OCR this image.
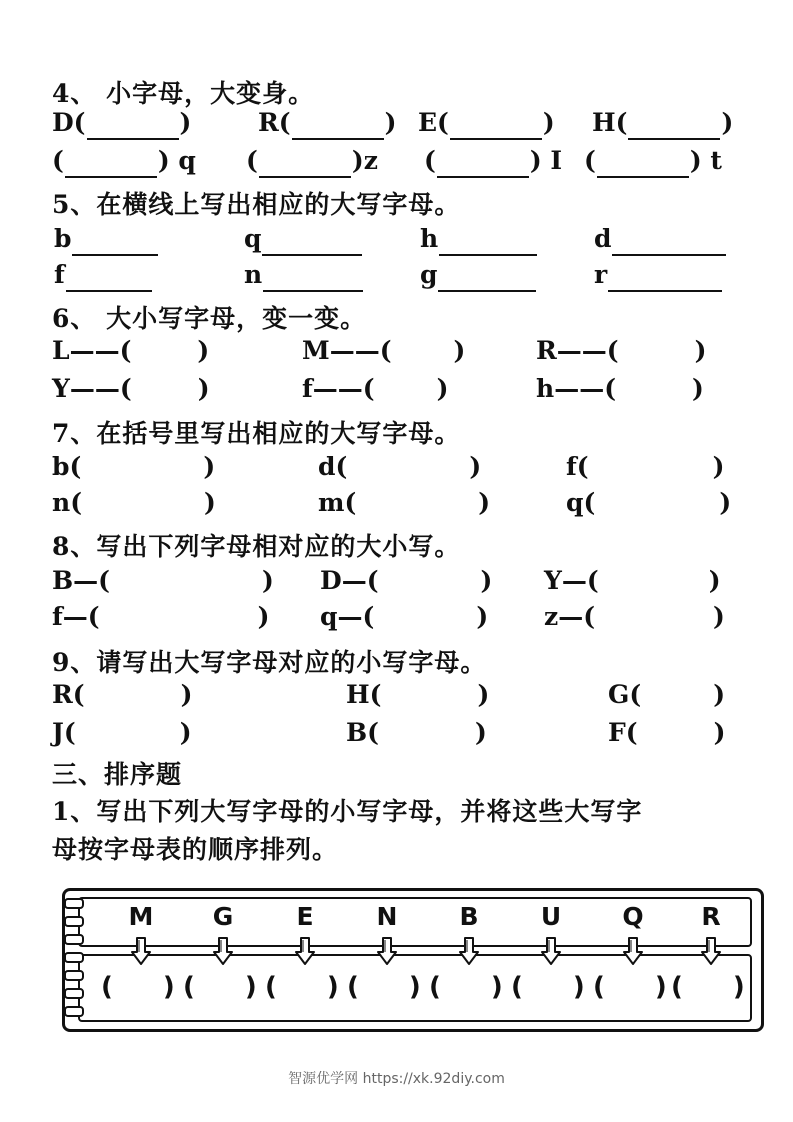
4、 小字母，大变身。
D(	)	R(	) E(	) H(	)
(	) q (	)z (	) I (	) t
5、在横线上写出相应的大写字母。
b	q	h	d
f	n	g	r
6、 大小写字母，变一变。
L——(	)	M——( )	R——(	)
Y——(	)	f——( )	h——(	)
7、在括号里写出相应的大写字母。
b(	)	d(	)	f(	)
n(	)	m(	)	q(	)
8、写出下列字母相对应的大小写。
B—(	) D—(	) Y—(	)
f—(	) q—(	) z—(	)
9、请写出大写字母对应的小写字母。
R(	)	H(	)	G(	)
J(	)	B(	)	F(	)
三、排序题
1、写出下列大写字母的小写字母，并将这些大写字
母按字母表的顺序排列。
M
( )
G
( )
E
( )
N
( )
B
( )
U
( )
Q
( )
R
( )
智源优学网 https://xk.92diy.com
